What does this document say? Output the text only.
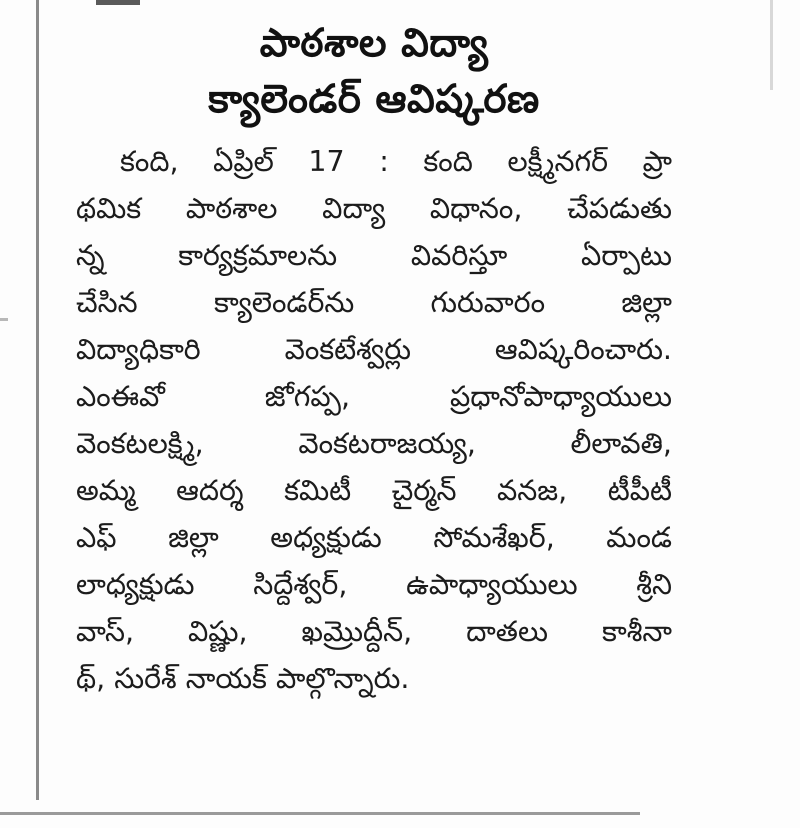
పాఠశాల విద్యా
క్యాలెండర్ ఆవిష్కరణ
కంది, ఏప్రిల్ 17 : కంది లక్ష్మీనగర్ ప్రా
థమిక పాఠశాల విద్యా విధానం, చేపడుతు
న్న కార్యక్రమాలను వివరిస్తూ ఏర్పాటు
చేసిన క్యాలెండర్‌ను గురువారం జిల్లా
విద్యాధికారి వెంకటేశ్వర్లు ఆవిష్కరించారు.
ఎంఈవో జోగప్ప, ప్రధానోపాధ్యాయులు
వెంకటలక్ష్మి, వెంకటరాజయ్య, లీలావతి,
అమ్మ ఆదర్శ కమిటీ చైర్మన్ వనజ, టీపీటీ
ఎఫ్ జిల్లా అధ్యక్షుడు సోమశేఖర్, మండ
లాధ్యక్షుడు సిద్దేశ్వర్, ఉపాధ్యాయులు శ్రీని
వాస్, విష్ణు, ఖమ్రొద్దీన్, దాతలు కాశీనా
థ్, సురేశ్ నాయక్ పాల్గొన్నారు.
